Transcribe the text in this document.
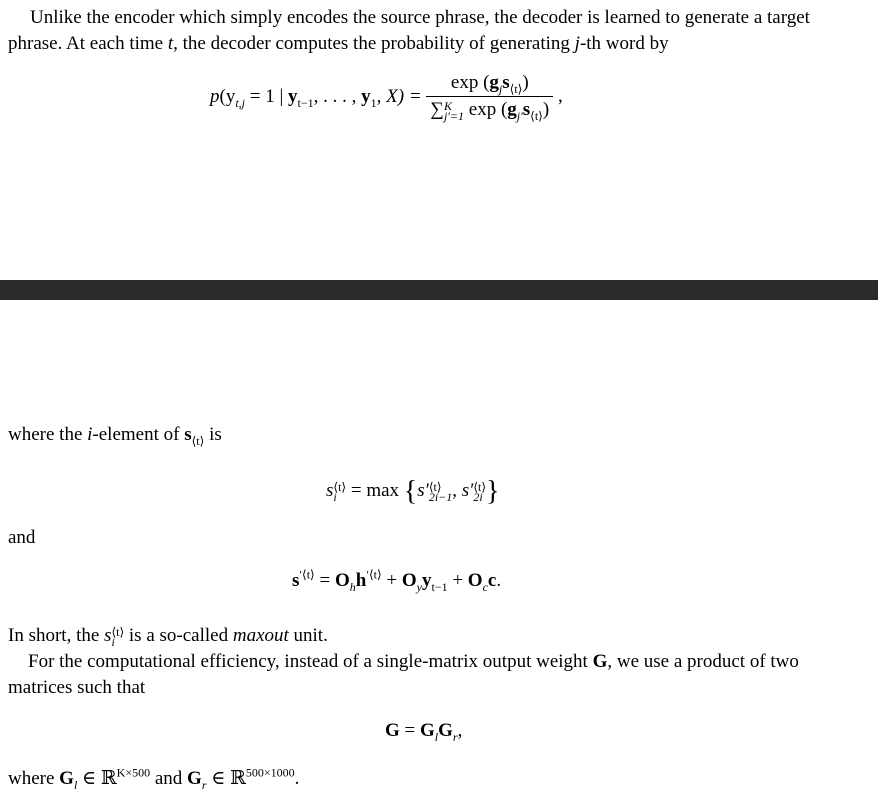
Unlike the encoder which simply encodes the source phrase, the decoder is learned to generate a target
phrase. At each time t, the decoder computes the probability of generating j-th word by
$p(y_{t,j} = 1$ | $y_{t-1}$, . . . , $y_1$, X) =
$\exp (g_js_{⟨t⟩})$
∑K
j′=1 $\exp (g_{j'}s_{⟨t⟩})$
,
where the i-element of $s_{⟨t⟩}$ is
s⟨t⟩
i = max {s′⟨t⟩
2i−1, s′⟨t⟩
2i }
and
$s^{'⟨t⟩} = O_hh^{'⟨t⟩} + O_yy_{t-1} + O_cc$.
In short, the s⟨t⟩
i is a so-called maxout unit.
For the computational efficiency, instead of a single-matrix output weight G, we use a product of two
matrices such that
$G = G_lG_r$,
where $G_l$ ∈ ℝ$^{K\times 500}$ and $G_r$ ∈ ℝ$^{500\times 1000}$.
